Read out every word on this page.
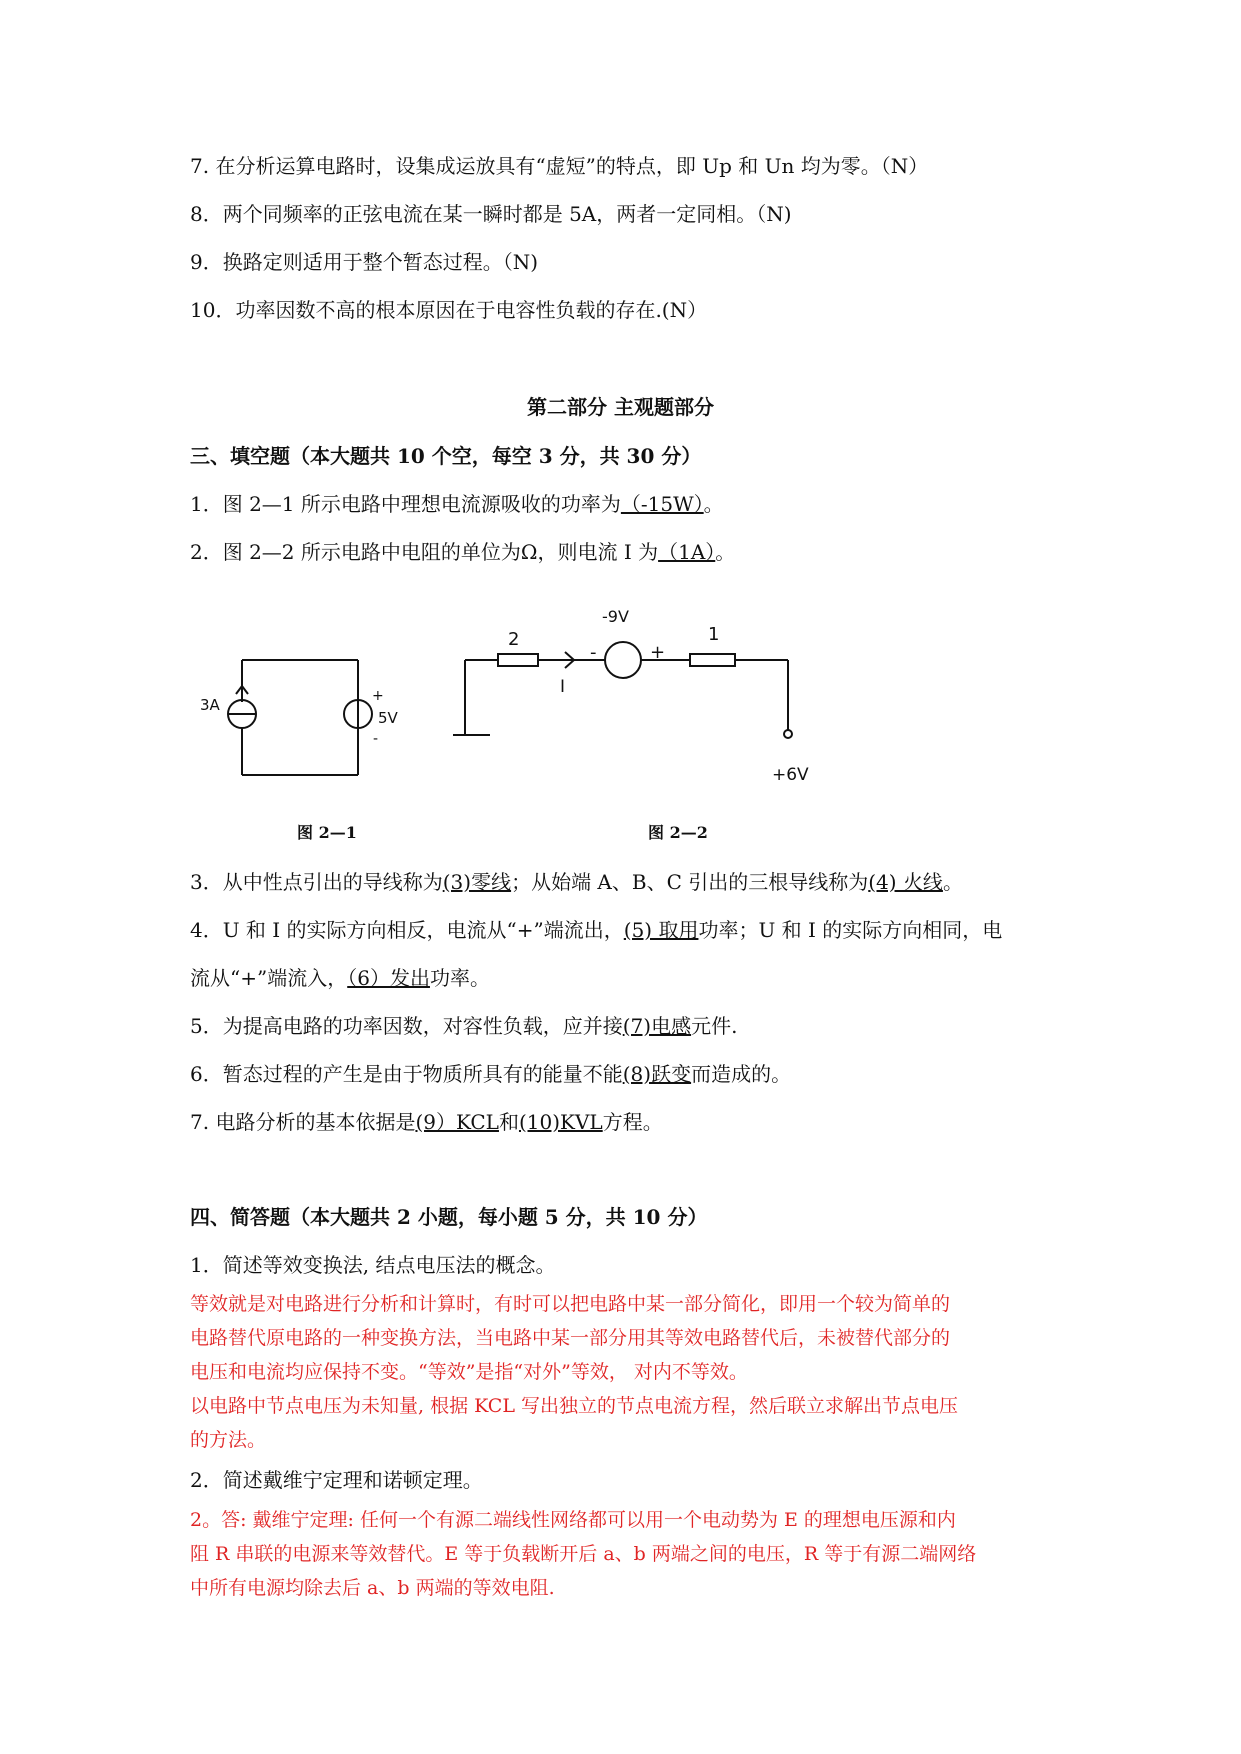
7. 在分析运算电路时，设集成运放具有“虚短”的特点，即 Up 和 Un 均为零。（N）
8．两个同频率的正弦电流在某一瞬时都是 5A，两者一定同相。（N)
9．换路定则适用于整个暂态过程。（N)
10．功率因数不高的根本原因在于电容性负载的存在.(N）
第二部分 主观题部分
三、填空题（本大题共 10 个空，每空 3 分，共 30 分）
1．图 2—1 所示电路中理想电流源吸收的功率为（-15W）。
2．图 2—2 所示电路中电阻的单位为Ω，则电流 I 为（1A）。
3A	+
5V
-
图 2—1
2
I
-9V
-	+
1
+6V
图 2—2
3．从中性点引出的导线称为(3)零线；从始端 A、B、C 引出的三根导线称为(4) 火线。
4．U 和 I 的实际方向相反，电流从“+”端流出，(5) 取用功率；U 和 I 的实际方向相同，电
流从“+”端流入，（6）发出功率。
5．为提高电路的功率因数，对容性负载，应并接(7)电感元件.
6．暂态过程的产生是由于物质所具有的能量不能(8)跃变而造成的。
7. 电路分析的基本依据是(9）KCL和(10)KVL方程。
四、简答题（本大题共 2 小题，每小题 5 分，共 10 分）
1．简述等效变换法, 结点电压法的概念。
等效就是对电路进行分析和计算时，有时可以把电路中某一部分简化，即用一个较为简单的
电路替代原电路的一种变换方法，当电路中某一部分用其等效电路替代后，未被替代部分的
电压和电流均应保持不变。“等效”是指“对外”等效， 对内不等效。
以电路中节点电压为未知量, 根据 KCL 写出独立的节点电流方程，然后联立求解出节点电压
的方法。
2．简述戴维宁定理和诺顿定理。
2。答: 戴维宁定理: 任何一个有源二端线性网络都可以用一个电动势为 E 的理想电压源和内
阻 R 串联的电源来等效替代。E 等于负载断开后 a、b 两端之间的电压，R 等于有源二端网络
中所有电源均除去后 a、b 两端的等效电阻.
